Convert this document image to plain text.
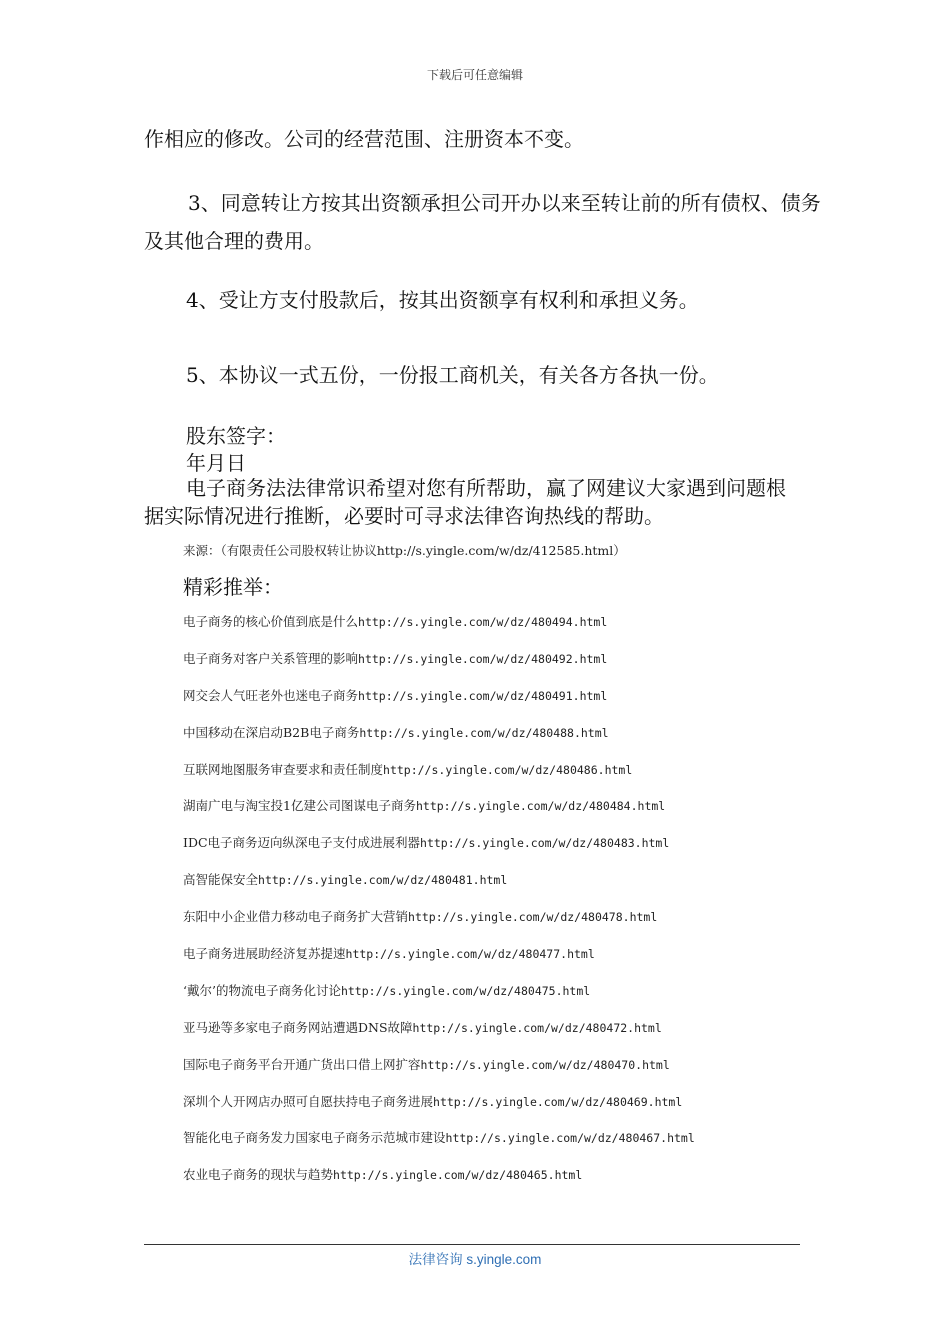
下载后可任意编辑

作相应的修改。公司的经营范围、注册资本不变。

3、同意转让方按其出资额承担公司开办以来至转让前的所有债权、债务及其他合理的费用。

4、受让方支付股款后，按其出资额享有权利和承担义务。

5、本协议一式五份，一份报工商机关，有关各方各执一份。

股东签字：

年月日

电子商务法法律常识希望对您有所帮助，赢了网建议大家遇到问题根据实际情况进行推断，必要时可寻求法律咨询热线的帮助。

来源：（有限责任公司股权转让协议http://s.yingle.com/w/dz/412585.html）
精彩推举：
电子商务的核心价值到底是什么http://s.yingle.com/w/dz/480494.html
电子商务对客户关系管理的影响http://s.yingle.com/w/dz/480492.html
网交会人气旺老外也迷电子商务http://s.yingle.com/w/dz/480491.html
中国移动在深启动B2B电子商务http://s.yingle.com/w/dz/480488.html
互联网地图服务审查要求和责任制度http://s.yingle.com/w/dz/480486.html
湖南广电与淘宝投1亿建公司图谋电子商务http://s.yingle.com/w/dz/480484.html
IDC电子商务迈向纵深电子支付成进展利器http://s.yingle.com/w/dz/480483.html
高智能保安全http://s.yingle.com/w/dz/480481.html
东阳中小企业借力移动电子商务扩大营销http://s.yingle.com/w/dz/480478.html
电子商务进展助经济复苏提速http://s.yingle.com/w/dz/480477.html
‘戴尔’的物流电子商务化讨论http://s.yingle.com/w/dz/480475.html
亚马逊等多家电子商务网站遭遇DNS故障http://s.yingle.com/w/dz/480472.html
国际电子商务平台开通广货出口借上网扩容http://s.yingle.com/w/dz/480470.html
深圳个人开网店办照可自愿扶持电子商务进展http://s.yingle.com/w/dz/480469.html
智能化电子商务发力国家电子商务示范城市建设http://s.yingle.com/w/dz/480467.html
农业电子商务的现状与趋势http://s.yingle.com/w/dz/480465.html
法律咨询 s.yingle.com
